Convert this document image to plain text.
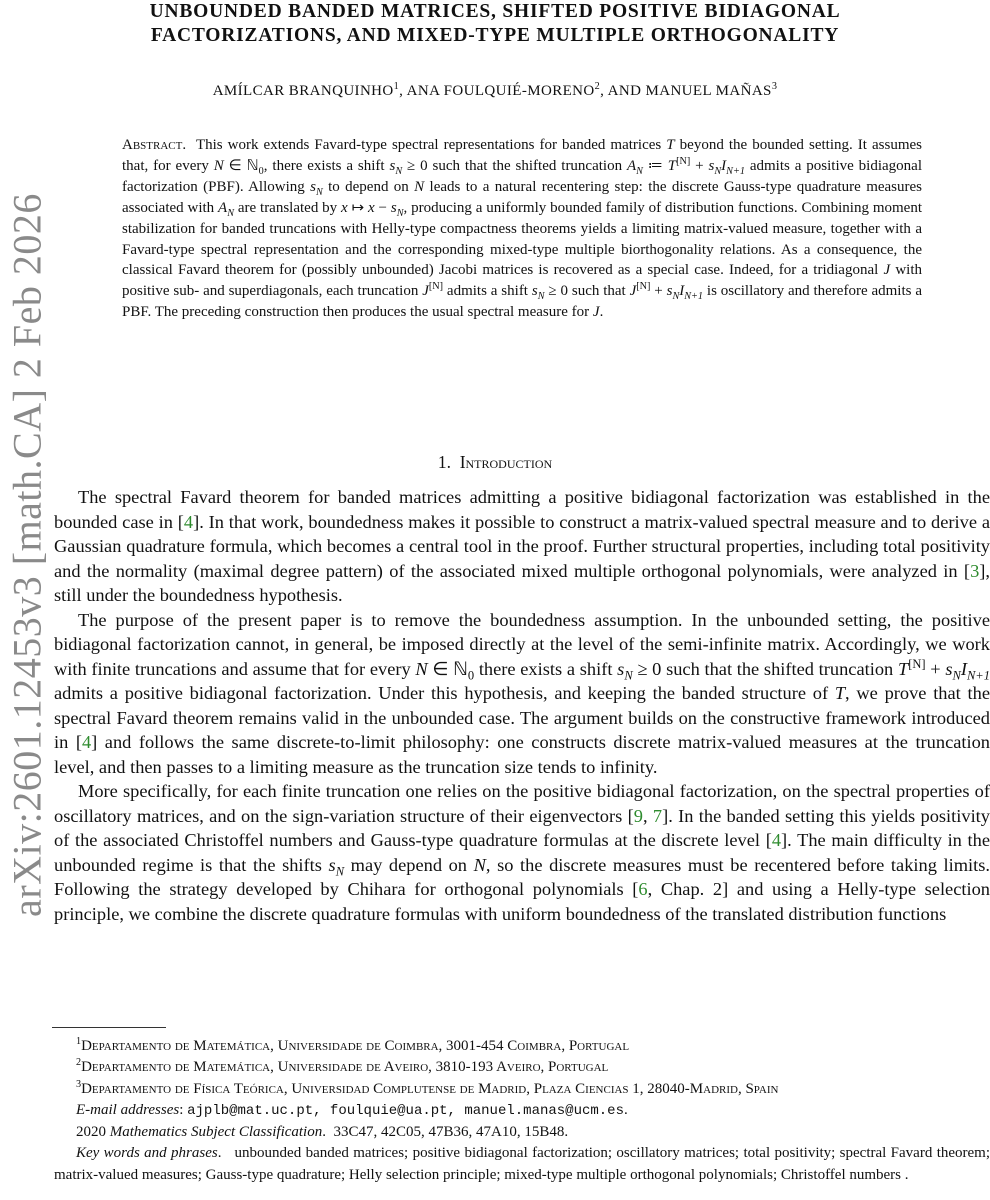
arXiv:2601.12453v3 [math.CA] 2 Feb 2026
UNBOUNDED BANDED MATRICES, SHIFTED POSITIVE BIDIAGONAL
FACTORIZATIONS, AND MIXED-TYPE MULTIPLE ORTHOGONALITY
AMÍLCAR BRANQUINHO$^1$, ANA FOULQUIÉ-MORENO$^2$, AND MANUEL MAÑAS$^3$
Abstract. This work extends Favard-type spectral representations for banded matrices T beyond the bounded setting. It assumes that, for every N ∈ ℕ$_0$, there exists a shift $s_N \ge 0$ such that the shifted truncation $A_N$ ≔ $T[N] + s_NI_{N+1}$ admits a positive bidiagonal factorization (PBF). Allowing $s_N$ to depend on N leads to a natural recentering step: the discrete Gauss-type quadrature measures associated with $A_N$ are translated by x ↦ $x - s_N$, producing a uniformly bounded family of distribution functions. Combining moment stabilization for banded truncations with Helly-type compactness theorems yields a limiting matrix-valued measure, together with a Favard-type spectral representation and the corresponding mixed-type multiple biorthogonality relations. As a consequence, the classical Favard theorem for (possibly unbounded) Jacobi matrices is recovered as a special case. Indeed, for a tridiagonal J with positive sub- and superdiagonals, each truncation J[N] admits a shift $s_N \ge 0$ such that $J[N] + s_NI_{N+1}$ is oscillatory and therefore admits a PBF. The preceding construction then produces the usual spectral measure for J.
1. Introduction

The spectral Favard theorem for banded matrices admitting a positive bidiagonal factorization was established in the bounded case in [4]. In that work, boundedness makes it possible to construct a matrix-valued spectral measure and to derive a Gaussian quadrature formula, which becomes a central tool in the proof. Further structural properties, including total positivity and the normality (maximal degree pattern) of the associated mixed multiple orthogonal polynomials, were analyzed in [3], still under the boundedness hypothesis.

The purpose of the present paper is to remove the boundedness assumption. In the unbounded setting, the positive bidiagonal factorization cannot, in general, be imposed directly at the level of the semi-infinite matrix. Accordingly, we work with finite truncations and assume that for every N ∈ ℕ$_0$ there exists a shift $s_N \ge 0$ such that the shifted truncation $T[N] + s_NI_{N+1}$ admits a positive bidiagonal factorization. Under this hypothesis, and keeping the banded structure of T, we prove that the spectral Favard theorem remains valid in the unbounded case. The argument builds on the constructive framework introduced in [4] and follows the same discrete-to-limit philosophy: one constructs discrete matrix-valued measures at the truncation level, and then passes to a limiting measure as the truncation size tends to infinity.

More specifically, for each finite truncation one relies on the positive bidiagonal factorization, on the spectral properties of oscillatory matrices, and on the sign-variation structure of their eigenvectors [9, 7]. In the banded setting this yields positivity of the associated Christoffel numbers and Gauss-type quadrature formulas at the discrete level [4]. The main difficulty in the unbounded regime is that the shifts $s_N$ may depend on N, so the discrete measures must be recentered before taking limits. Following the strategy developed by Chihara for orthogonal polynomials [6, Chap. 2] and using a Helly-type selection principle, we combine the discrete quadrature formulas with uniform boundedness of the translated distribution functions

$^1$Departamento de Matemática, Universidade de Coimbra, 3001-454 Coimbra, Portugal
$^2$Departamento de Matemática, Universidade de Aveiro, 3810-193 Aveiro, Portugal
$^3$Departamento de Física Teórica, Universidad Complutense de Madrid, Plaza Ciencias 1, 28040-Madrid, Spain
E-mail addresses: ajplb@mat.uc.pt, foulquie@ua.pt, manuel.manas@ucm.es.
2020 Mathematics Subject Classification.  33C47, 42C05, 47B36, 47A10, 15B48.
Key words and phrases.   unbounded banded matrices; positive bidiagonal factorization; oscillatory matrices; total positivity; spectral Favard theorem; matrix-valued measures; Gauss-type quadrature; Helly selection principle; mixed-type multiple orthogonal polynomials; Christoffel numbers .
